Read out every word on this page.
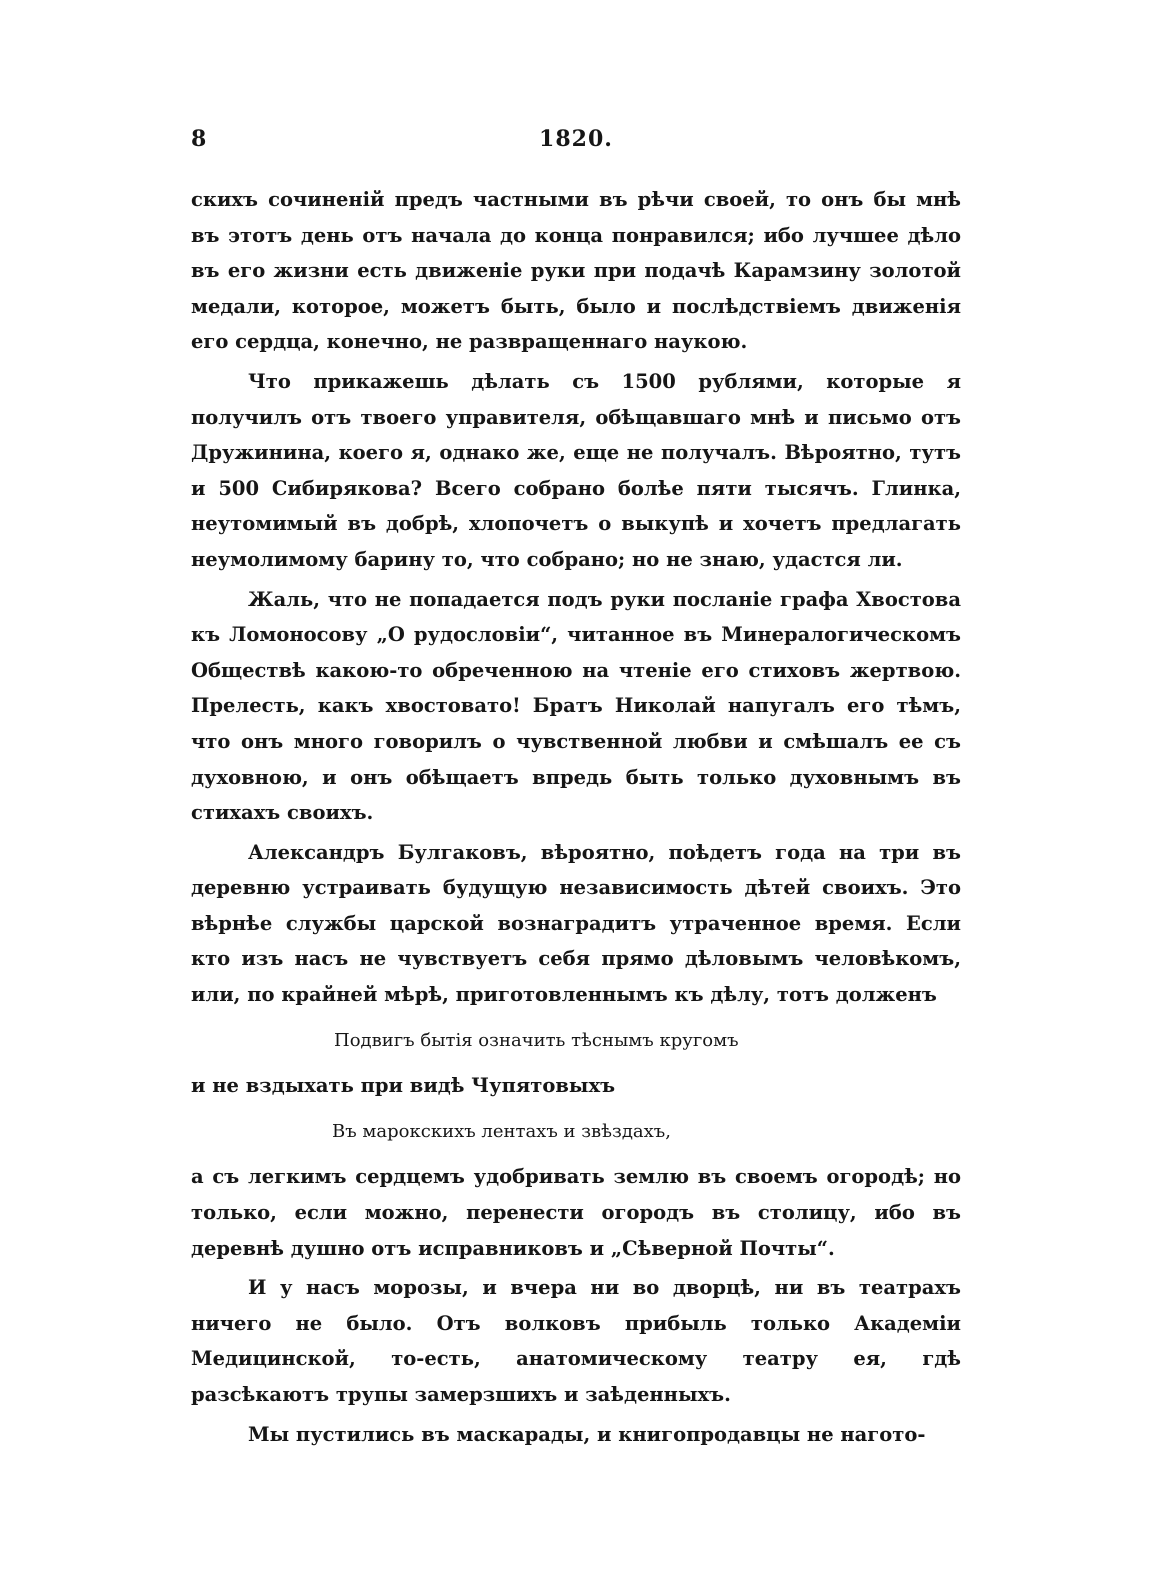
8	1820.

скихъ сочиненій предъ частными въ рѣчи своей, то онъ бы мнѣ въ этотъ день отъ начала до конца понравился; ибо лучшее дѣло въ его жизни есть движеніе руки при подачѣ Карамзину золотой медали, которое, можетъ быть, было и послѣдствіемъ движенія его сердца, конечно, не развращеннаго наукою.

Что прикажешь дѣлать съ 1500 рублями, которые я получилъ отъ твоего управителя, обѣщавшаго мнѣ и письмо отъ Дружинина, коего я, однако же, еще не получалъ. Вѣроятно, тутъ и 500 Сибирякова? Всего собрано болѣе пяти тысячъ. Глинка, неутомимый въ добрѣ, хлопочетъ о выкупѣ и хочетъ предлагать неумолимому барину то, что собрано; но не знаю, удастся ли.

Жаль, что не попадается подъ руки посланіе графа Хвостова къ Ломоносову „О рудословіи“, читанное въ Минералогическомъ Обществѣ какою-то обреченною на чтеніе его стиховъ жертвою. Прелесть, какъ хвостовато! Братъ Николай напугалъ его тѣмъ, что онъ много говорилъ о чувственной любви и смѣшалъ ее съ духовною, и онъ обѣщаетъ впредь быть только духовнымъ въ стихахъ своихъ.

Александръ Булгаковъ, вѣроятно, поѣдетъ года на три въ деревню устраивать будущую независимость дѣтей своихъ. Это вѣрнѣе службы царской вознаградитъ утраченное время. Если кто изъ насъ не чувствуетъ себя прямо дѣловымъ человѣкомъ, или, по крайней мѣрѣ, приготовленнымъ къ дѣлу, тотъ долженъ

Подвигъ бытія означить тѣснымъ кругомъ

и не вздыхать при видѣ Чупятовыхъ

Въ марокскихъ лентахъ и звѣздахъ,

а съ легкимъ сердцемъ удобривать землю въ своемъ огородѣ; но только, если можно, перенести огородъ въ столицу, ибо въ деревнѣ душно отъ исправниковъ и „Сѣверной Почты“.

И у насъ морозы, и вчера ни во дворцѣ, ни въ театрахъ ничего не было. Отъ волковъ прибыль только Академіи Медицинской, то-есть, анатомическому театру ея, гдѣ разсѣкаютъ трупы замерзшихъ и заѣденныхъ.

Мы пустились въ маскарады, и книгопродавцы не нагото-
